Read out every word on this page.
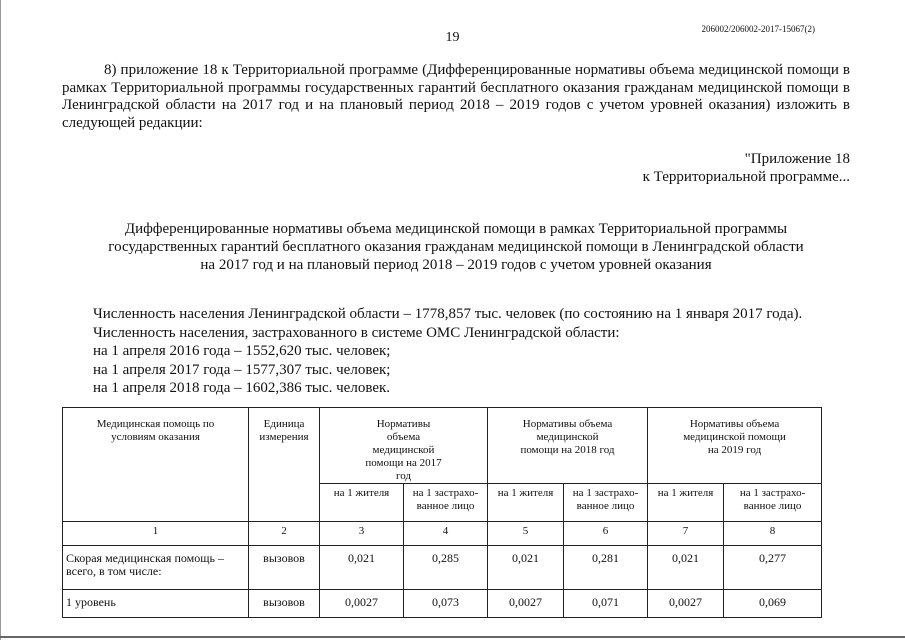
19
206002/206002-2017-15067(2)
8) приложение 18 к Территориальной программе (Дифференцированные нормативы объема медицинской помощи в рамках Территориальной программы государственных гарантий бесплатного оказания гражданам медицинской помощи в Ленинградской области на 2017 год и на плановый период 2018 – 2019 годов с учетом уровней оказания) изложить в следующей редакции:
"Приложение 18
к Территориальной программе...
Дифференцированные нормативы объема медицинской помощи в рамках Территориальной программы
государственных гарантий бесплатного оказания гражданам медицинской помощи в Ленинградской области
на 2017 год и на плановый период 2018 – 2019 годов с учетом уровней оказания
Численность населения Ленинградской области – 1778,857 тыс. человек (по состоянию на 1 января 2017 года).
Численность населения, застрахованного в системе ОМС Ленинградской области:
на 1 апреля 2016 года – 1552,620 тыс. человек;
на 1 апреля 2017 года – 1577,307 тыс. человек;
на 1 апреля 2018 года – 1602,386 тыс. человек.
Медицинская помощь по условиям оказания	Единица измерения	Нормативы объема медицинской помощи на 2017 год		Нормативы объема медицинской помощи на 2018 год		Нормативы объема медицинской помощи на 2019 год	
		на 1 жителя	на 1 застрахо- ванное лицо	на 1 жителя	на 1 застрахо- ванное лицо	на 1 жителя	на 1 застрахо- ванное лицо
1	2	3	4	5	6	7	8
Скорая медицинская помощь – всего, в том числе:	вызовов	0,021	0,285	0,021	0,281	0,021	0,277
1 уровень	вызовов	0,0027	0,073	0,0027	0,071	0,0027	0,069
